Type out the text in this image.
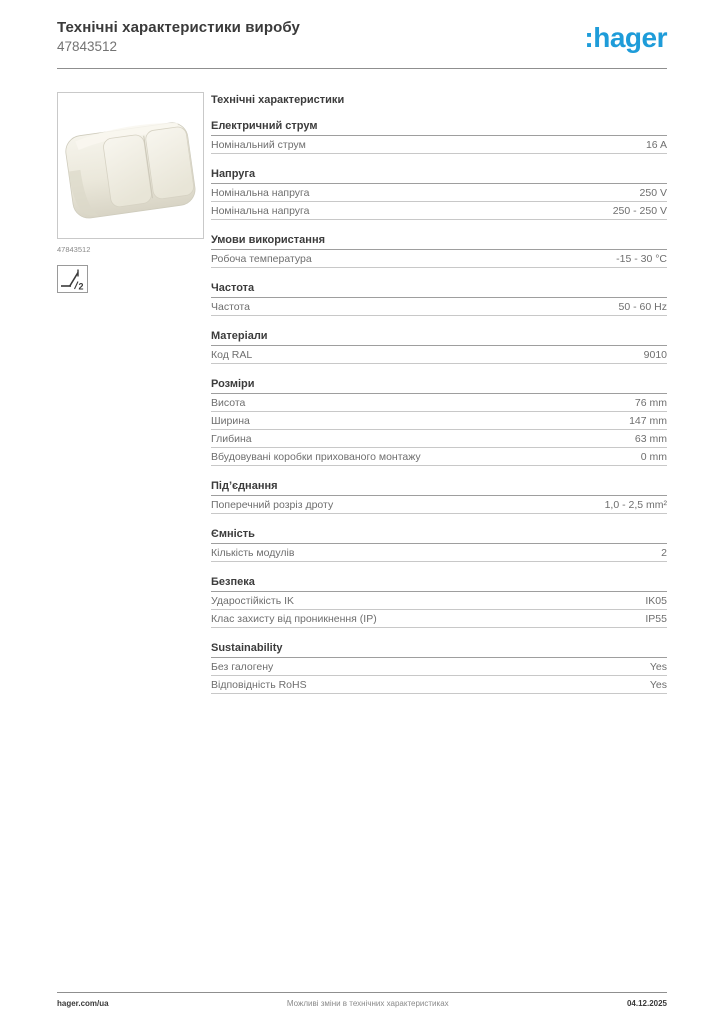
Технічні характеристики виробу
47843512	:hager
47843512
2
Технічні характеристики
Електричний струм
Номінальний струм	16 A
Напруга
Номінальна напруга	250 V
Номінальна напруга	250 - 250 V
Умови використання
Робоча температура	-15 - 30 °C
Частота
Частота	50 - 60 Hz
Матеріали
Код RAL	9010
Розміри
Висота	76 mm
Ширина	147 mm
Глибина	63 mm
Вбудовувані коробки прихованого монтажу	0 mm
Під’єднання
Поперечний розріз дроту	1,0 - 2,5 mm²
Ємність
Кількість модулів	2
Безпека
Ударостійкість IK	IK05
Клас захисту від проникнення (IP)	IP55
Sustainability
Без галогену	Yes
Відповідність RoHS	Yes
hager.com/ua	Можливі зміни в технічних характеристиках	04.12.2025
